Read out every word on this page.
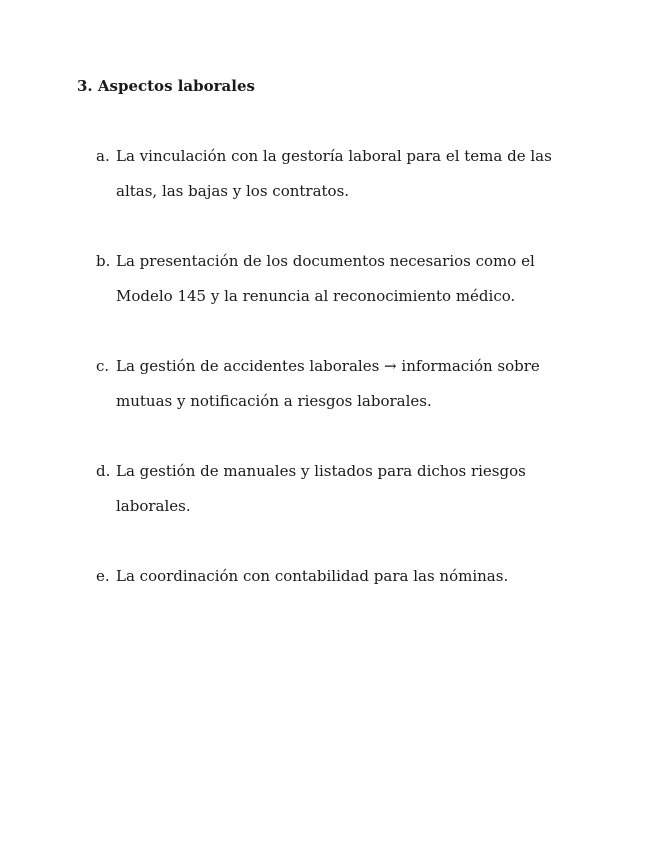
3. Aspectos laborales
a. La vinculación con la gestoría laboral para el tema de las altas, las bajas y los contratos.
b. La presentación de los documentos necesarios como el Modelo 145 y la renuncia al reconocimiento médico.
c. La gestión de accidentes laborales → información sobre mutuas y notificación a riesgos laborales.
d. La gestión de manuales y listados para dichos riesgos laborales.
e. La coordinación con contabilidad para las nóminas.
